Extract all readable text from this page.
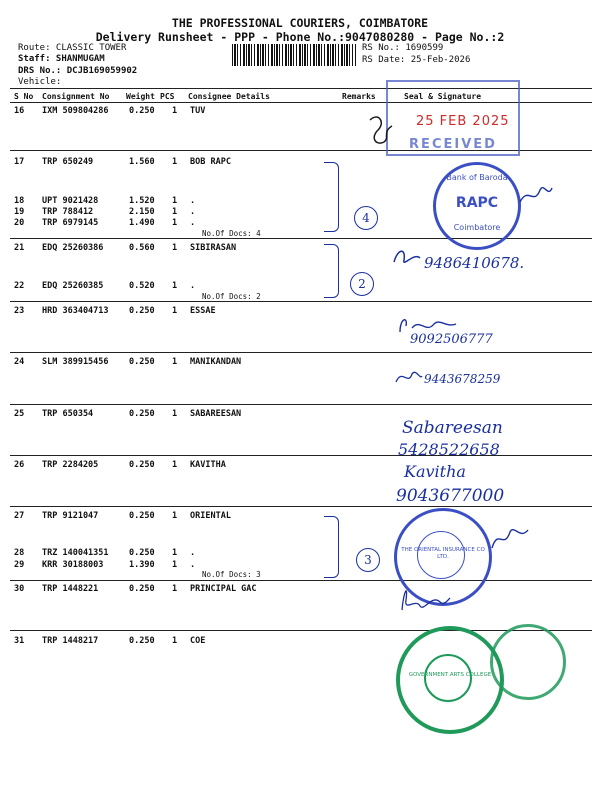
THE PROFESSIONAL COURIERS, COIMBATORE
Delivery Runsheet - PPP - Phone No.:9047080280 - Page No.:2
Route: CLASSIC TOWER
Staff: SHANMUGAM
DRS No.: DCJB169059902
Vehicle:
RS No.: 1690599
RS Date: 25-Feb-2026
S No Consignment No Weight PCS Consignee Details	Remarks	Seal & Signature
16 IXM 509804286 0.250 1 TUV
17 TRP 650249	1.560 1 BOB RAPC
18 UPT 9021428	1.520 1 .
19 TRP 788412	2.150 1 .
20 TRP 6979145	1.490 1 .
21 EDQ 25260386	0.560 1 SIBIRASAN
22 EDQ 25260385	0.520 1 .
23 HRD 363404713 0.250 1 ESSAE
24 SLM 389915456 0.250 1 MANIKANDAN
25 TRP 650354	0.250 1 SABAREESAN
26 TRP 2284205	0.250 1 KAVITHA
27 TRP 9121047	0.250 1 ORIENTAL
28 TRZ 140041351 0.250 1 .
29 KRR 30188003	1.390 1 .
30 TRP 1448221	0.250 1 PRINCIPAL GAC
31 TRP 1448217	0.250 1 COE
No.Of Docs: 4
No.Of Docs: 2
No.Of Docs: 3
4
2
3
RECEIVED
25 FEB 2025
Bank of Baroda
RAPC
Coimbatore
9486410678.
9092506777
9443678259
Sabareesan
5428522658
Kavitha
9043677000
THE ORIENTAL INSURANCE CO LTD.
GOVERNMENT ARTS COLLEGE
